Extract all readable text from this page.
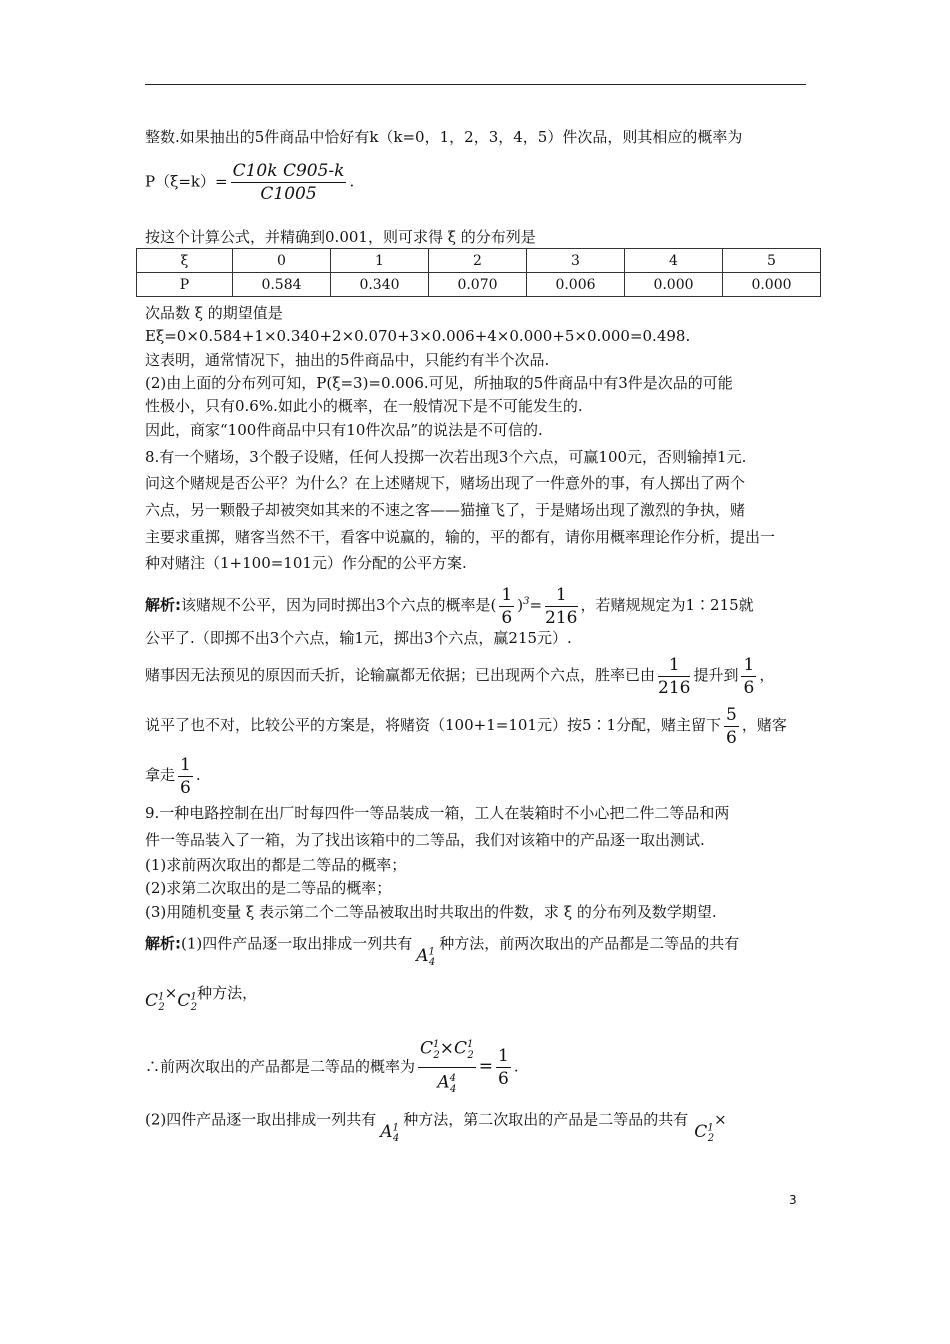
整数.如果抽出的5件商品中恰好有k（k=0，1，2，3，4，5）件次品，则其相应的概率为
$P(\xi=k)= \frac{\text{C10k C905-k}}{C1005}$ .
按这个计算公式，并精确到0.001，则可求得 ξ 的分布列是
ξ	0	1	2	3	4	5
P	0.584	0.340	0.070	0.006	0.000	0.000
次品数 ξ 的期望值是
Eξ=0×0.584+1×0.340+2×0.070+3×0.006+4×0.000+5×0.000=0.498.
这表明，通常情况下，抽出的5件商品中，只能约有半个次品.
(2)由上面的分布列可知，P(ξ=3)=0.006.可见，所抽取的5件商品中有3件是次品的可能
性极小，只有0.6%.如此小的概率，在一般情况下是不可能发生的.
因此，商家“100件商品中只有10件次品”的说法是不可信的.
8.有一个赌场，3个骰子设赌，任何人投掷一次若出现3个六点，可赢100元，否则输掉1元.
问这个赌规是否公平？为什么？在上述赌规下，赌场出现了一件意外的事，有人掷出了两个
六点，另一颗骰子却被突如其来的不速之客——猫撞飞了，于是赌场出现了激烈的争执，赌
主要求重掷，赌客当然不干，看客中说赢的，输的，平的都有，请你用概率理论作分析，提出一
种对赌注（1+100=101元）作分配的公平方案.
解析:该赌规不公平，因为同时掷出3个六点的概率是( $\frac{1}{6} )^3= \frac{1}{216}$ ，若赌规规定为1∶215就
公平了.（即掷不出3个六点，输1元，掷出3个六点，赢215元）.
赌事因无法预见的原因而夭折，论输赢都无依据；已出现两个六点，胜率已由 $\frac{1}{216}$ 提升到 $\frac{1}{6}$ ，
说平了也不对，比较公平的方案是，将赌资（100+1=101元）按5∶1分配，赌主留下 $\frac{5}{6}$ ，赌客
拿走 $\frac{1}{6}$ .
9.一种电路控制在出厂时每四件一等品装成一箱，工人在装箱时不小心把二件二等品和两
件一等品装入了一箱，为了找出该箱中的二等品，我们对该箱中的产品逐一取出测试.
(1)求前两次取出的都是二等品的概率；
(2)求第二次取出的是二等品的概率；
(3)用随机变量 ξ 表示第二个二等品被取出时共取出的件数，求 ξ 的分布列及数学期望.
解析:(1)四件产品逐一取出排成一列共有$A^1_4$种方法，前两次取出的产品都是二等品的共有
$C^1_2\times C^1_2$种方法，
∴前两次取出的产品都是二等品的概率为 $\frac{C^1_2\times C^1_2}{A^4_4} = \frac{1}{6}$ .
(2)四件产品逐一取出排成一列共有$A^1_4$种方法，第二次取出的产品是二等品的共有$C^1_2\times$
3
